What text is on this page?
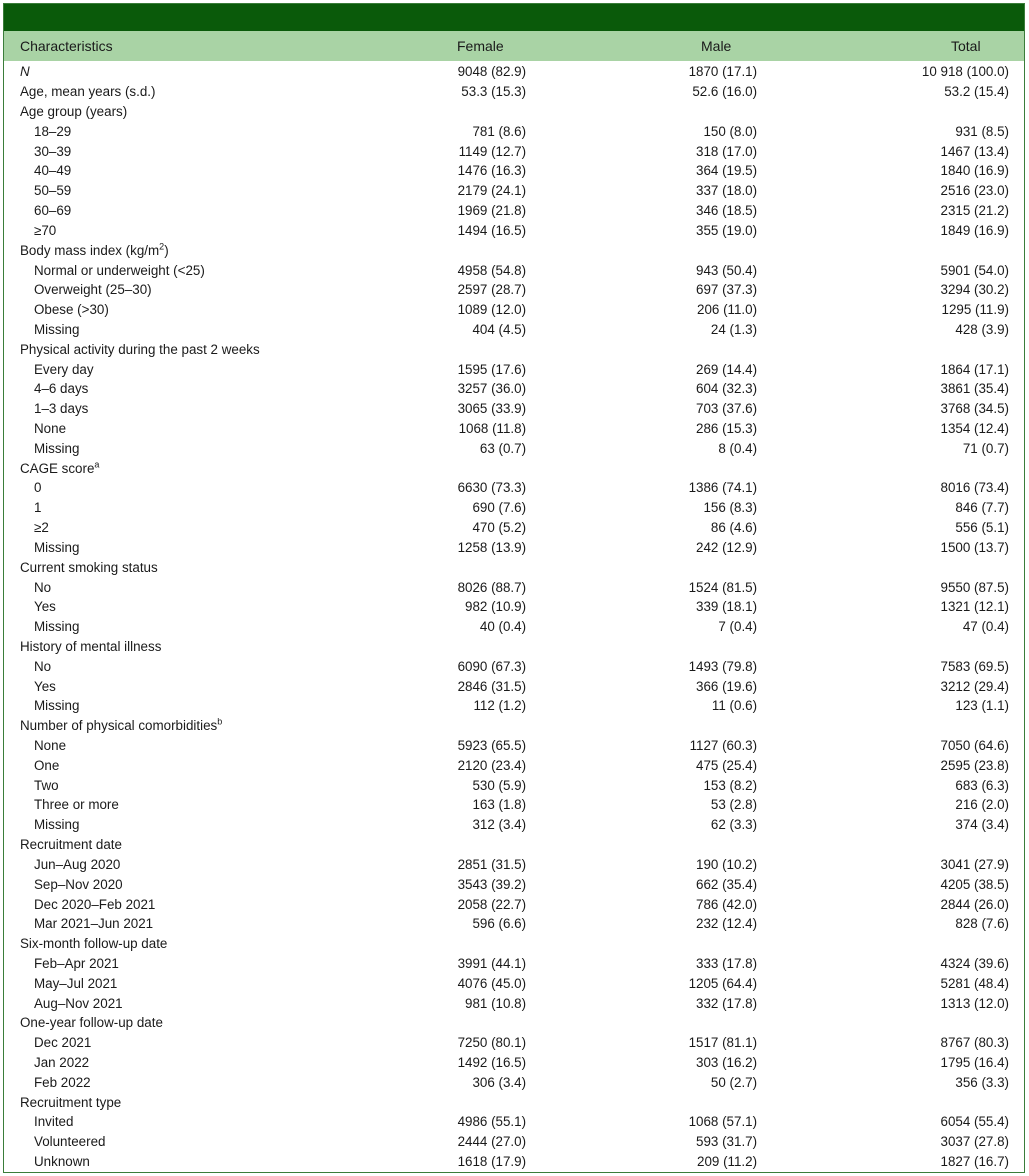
Characteristics	Female	Male	Total
N	9048 (82.9)	1870 (17.1)	10 918 (100.0)
Age, mean years (s.d.)	53.3 (15.3)	52.6 (16.0)	53.2 (15.4)
Age group (years)			
18–29	781 (8.6)	150 (8.0)	931 (8.5)
30–39	1149 (12.7)	318 (17.0)	1467 (13.4)
40–49	1476 (16.3)	364 (19.5)	1840 (16.9)
50–59	2179 (24.1)	337 (18.0)	2516 (23.0)
60–69	1969 (21.8)	346 (18.5)	2315 (21.2)
≥70	1494 (16.5)	355 (19.0)	1849 (16.9)
Body mass index $(kg/m^2)$			
Normal or underweight (<25)	4958 (54.8)	943 (50.4)	5901 (54.0)
Overweight (25–30)	2597 (28.7)	697 (37.3)	3294 (30.2)
Obese (>30)	1089 (12.0)	206 (11.0)	1295 (11.9)
Missing	404 (4.5)	24 (1.3)	428 (3.9)
Physical activity during the past 2 weeks			
Every day	1595 (17.6)	269 (14.4)	1864 (17.1)
4–6 days	3257 (36.0)	604 (32.3)	3861 (35.4)
1–3 days	3065 (33.9)	703 (37.6)	3768 (34.5)
None	1068 (11.8)	286 (15.3)	1354 (12.4)
Missing	63 (0.7)	8 (0.4)	71 (0.7)
CAGE score$^a$			
0	6630 (73.3)	1386 (74.1)	8016 (73.4)
1	690 (7.6)	156 (8.3)	846 (7.7)
≥2	470 (5.2)	86 (4.6)	556 (5.1)
Missing	1258 (13.9)	242 (12.9)	1500 (13.7)
Current smoking status			
No	8026 (88.7)	1524 (81.5)	9550 (87.5)
Yes	982 (10.9)	339 (18.1)	1321 (12.1)
Missing	40 (0.4)	7 (0.4)	47 (0.4)
History of mental illness			
No	6090 (67.3)	1493 (79.8)	7583 (69.5)
Yes	2846 (31.5)	366 (19.6)	3212 (29.4)
Missing	112 (1.2)	11 (0.6)	123 (1.1)
Number of physical comorbidities$^b$			
None	5923 (65.5)	1127 (60.3)	7050 (64.6)
One	2120 (23.4)	475 (25.4)	2595 (23.8)
Two	530 (5.9)	153 (8.2)	683 (6.3)
Three or more	163 (1.8)	53 (2.8)	216 (2.0)
Missing	312 (3.4)	62 (3.3)	374 (3.4)
Recruitment date			
Jun–Aug 2020	2851 (31.5)	190 (10.2)	3041 (27.9)
Sep–Nov 2020	3543 (39.2)	662 (35.4)	4205 (38.5)
Dec 2020–Feb 2021	2058 (22.7)	786 (42.0)	2844 (26.0)
Mar 2021–Jun 2021	596 (6.6)	232 (12.4)	828 (7.6)
Six-month follow-up date			
Feb–Apr 2021	3991 (44.1)	333 (17.8)	4324 (39.6)
May–Jul 2021	4076 (45.0)	1205 (64.4)	5281 (48.4)
Aug–Nov 2021	981 (10.8)	332 (17.8)	1313 (12.0)
One-year follow-up date			
Dec 2021	7250 (80.1)	1517 (81.1)	8767 (80.3)
Jan 2022	1492 (16.5)	303 (16.2)	1795 (16.4)
Feb 2022	306 (3.4)	50 (2.7)	356 (3.3)
Recruitment type			
Invited	4986 (55.1)	1068 (57.1)	6054 (55.4)
Volunteered	2444 (27.0)	593 (31.7)	3037 (27.8)
Unknown	1618 (17.9)	209 (11.2)	1827 (16.7)
